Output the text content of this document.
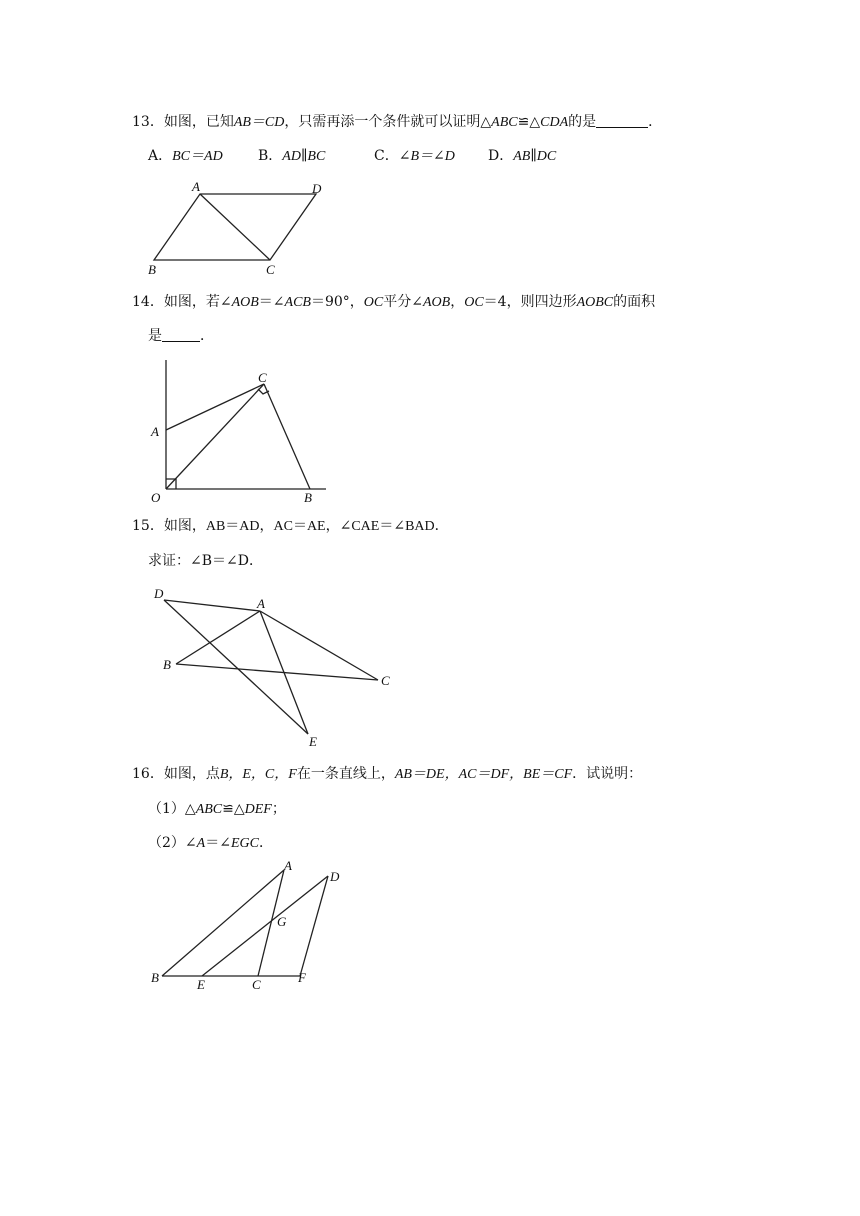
13．如图，已知AB＝CD，只需再添一个条件就可以证明△ABC≌△CDA的是	．
A．BC＝AD	B．AD∥BC	C．∠B＝∠D D．AB∥DC
A	D
B	C
14．如图，若∠AOB＝∠ACB＝90°，OC平分∠AOB，OC＝4，则四边形AOBC的面积
是	．
C
A
O	B
15．如图，AB＝AD，AC＝AE，∠CAE＝∠BAD．
求证：∠B＝∠D．
D
A
B
C
E
16．如图，点B，E，C，F在一条直线上，AB＝DE，AC＝DF，BE＝CF．试说明：
（1）△ABC≌△DEF；
（2）∠A＝∠EGC．
A
D
G
B	E	C	F
